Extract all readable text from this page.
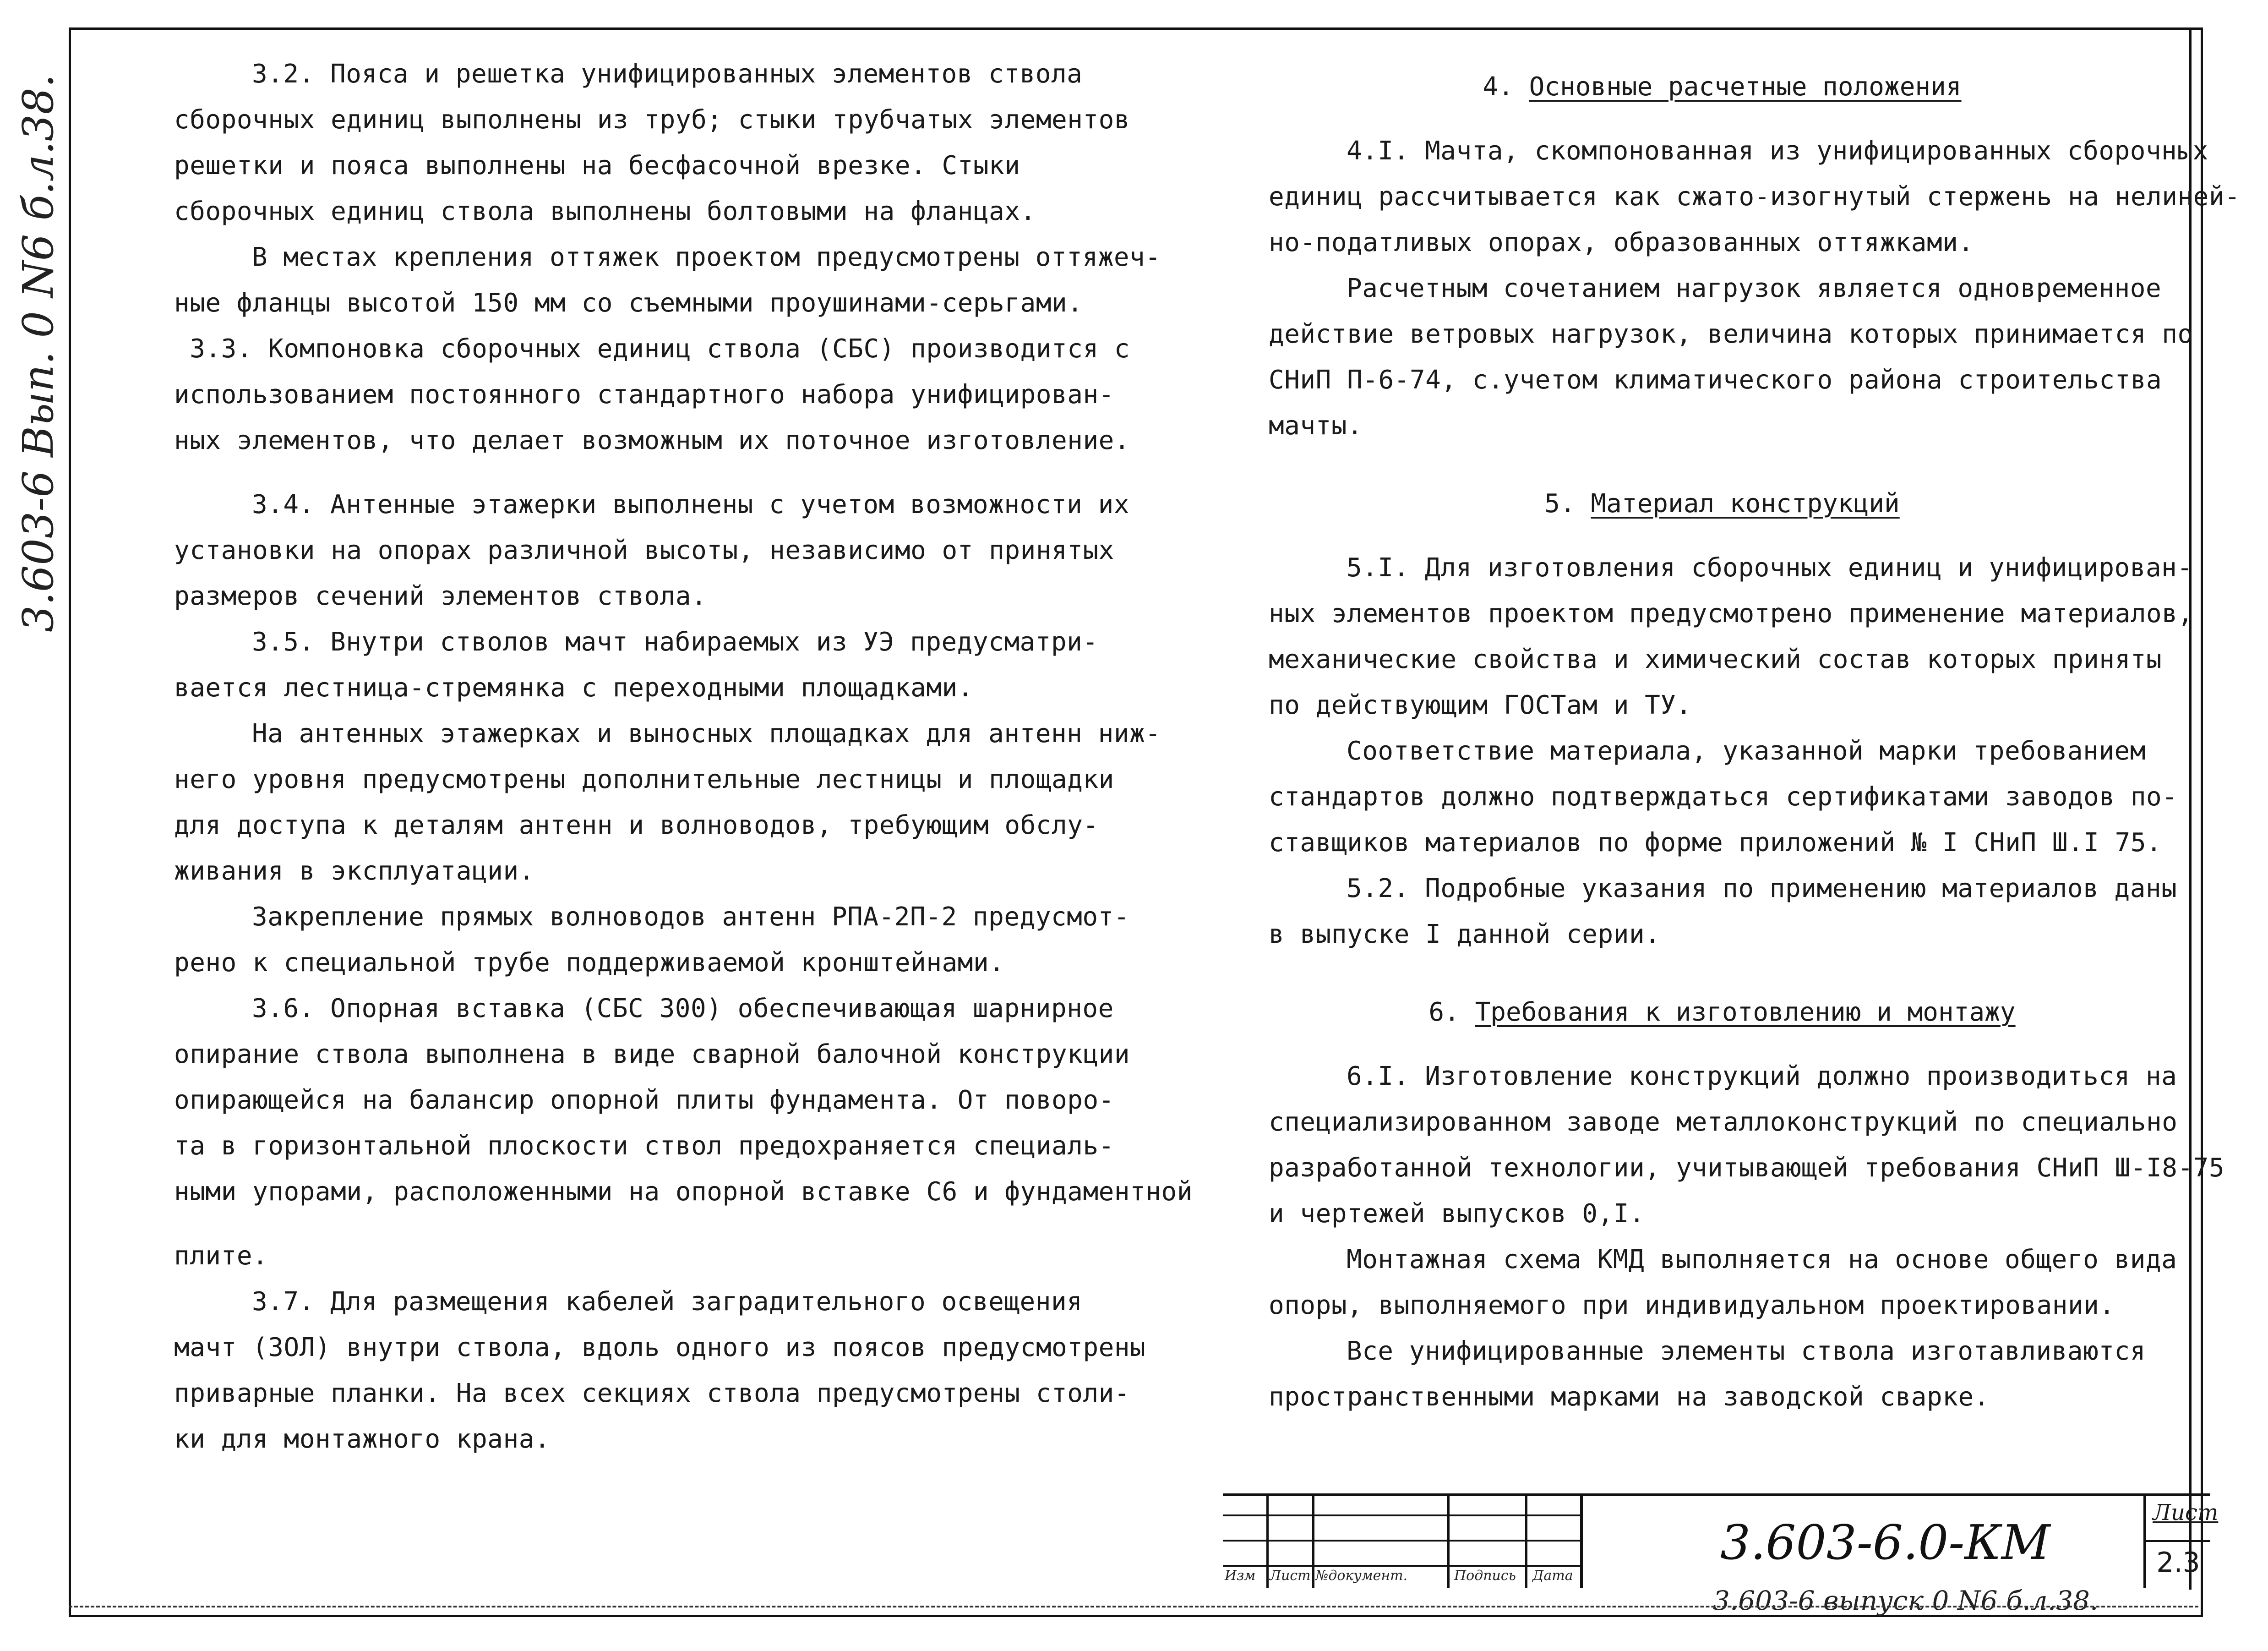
3.603-6 Вып. 0 N6 б.л.38.

3.2. Пояса и решетка унифицированных элементов ствола

сборочных единиц выполнены из труб; стыки трубчатых элементов

решетки и пояса выполнены на бесфасочной врезке. Стыки

сборочных единиц ствола выполнены болтовыми на фланцах.

В местах крепления оттяжек проектом предусмотрены оттяжеч-

ные фланцы высотой 150 мм со съемными проушинами-серьгами.

3.3. Компоновка сборочных единиц ствола (СБС) производится с

использованием постоянного стандартного набора унифицирован-

ных элементов, что делает возможным их поточное изготовление.

3.4. Антенные этажерки выполнены с учетом возможности их

установки на опорах различной высоты, независимо от принятых

размеров сечений элементов ствола.

3.5. Внутри стволов мачт набираемых из УЭ предусматри-

вается лестница-стремянка с переходными площадками.

На антенных этажерках и выносных площадках для антенн ниж-

него уровня предусмотрены дополнительные лестницы и площадки

для доступа к деталям антенн и волноводов, требующим обслу-

живания в эксплуатации.

Закрепление прямых волноводов антенн РПА-2П-2 предусмот-

рено к специальной трубе поддерживаемой кронштейнами.

3.6. Опорная вставка (СБС 300) обеспечивающая шарнирное

опирание ствола выполнена в виде сварной балочной конструкции

опирающейся на балансир опорной плиты фундамента. От поворо-

та в горизонтальной плоскости ствол предохраняется специаль-

ными упорами, расположенными на опорной вставке С6 и фундаментной

плите.

3.7. Для размещения кабелей заградительного освещения

мачт (ЗОЛ) внутри ствола, вдоль одного из поясов предусмотрены

приварные планки. На всех секциях ствола предусмотрены столи-

ки для монтажного крана.

4. Основные расчетные положения

4.I. Мачта, скомпонованная из унифицированных сборочных

единиц рассчитывается как сжато-изогнутый стержень на нелиней-

но-податливых опорах, образованных оттяжками.

Расчетным сочетанием нагрузок является одновременное

действие ветровых нагрузок, величина которых принимается по

СНиП П-6-74, с.учетом климатического района строительства

мачты.

5. Материал конструкций

5.I. Для изготовления сборочных единиц и унифицирован-

ных элементов проектом предусмотрено применение материалов,

механические свойства и химический состав которых приняты

по действующим ГОСТам и ТУ.

Соответствие материала, указанной марки требованием

стандартов должно подтверждаться сертификатами заводов по-

ставщиков материалов по форме приложений № I СНиП Ш.I 75.

5.2. Подробные указания по применению материалов даны

в выпуске I данной серии.

6. Требования к изготовлению и монтажу

6.I. Изготовление конструкций должно производиться на

специализированном заводе металлоконструкций по специально

разработанной технологии, учитывающей требования СНиП Ш-I8-75

и чертежей выпусков 0,I.

Монтажная схема КМД выполняется на основе общего вида

опоры, выполняемого при индивидуальном проектировании.

Все унифицированные элементы ствола изготавливаются

пространственными марками на заводской сварке.

Изм Лист №документ.	Подпись Дата
3.603-6.0-КМ
Лист
2.3
3.603-6 выпуск 0 N6 б.л.38.
